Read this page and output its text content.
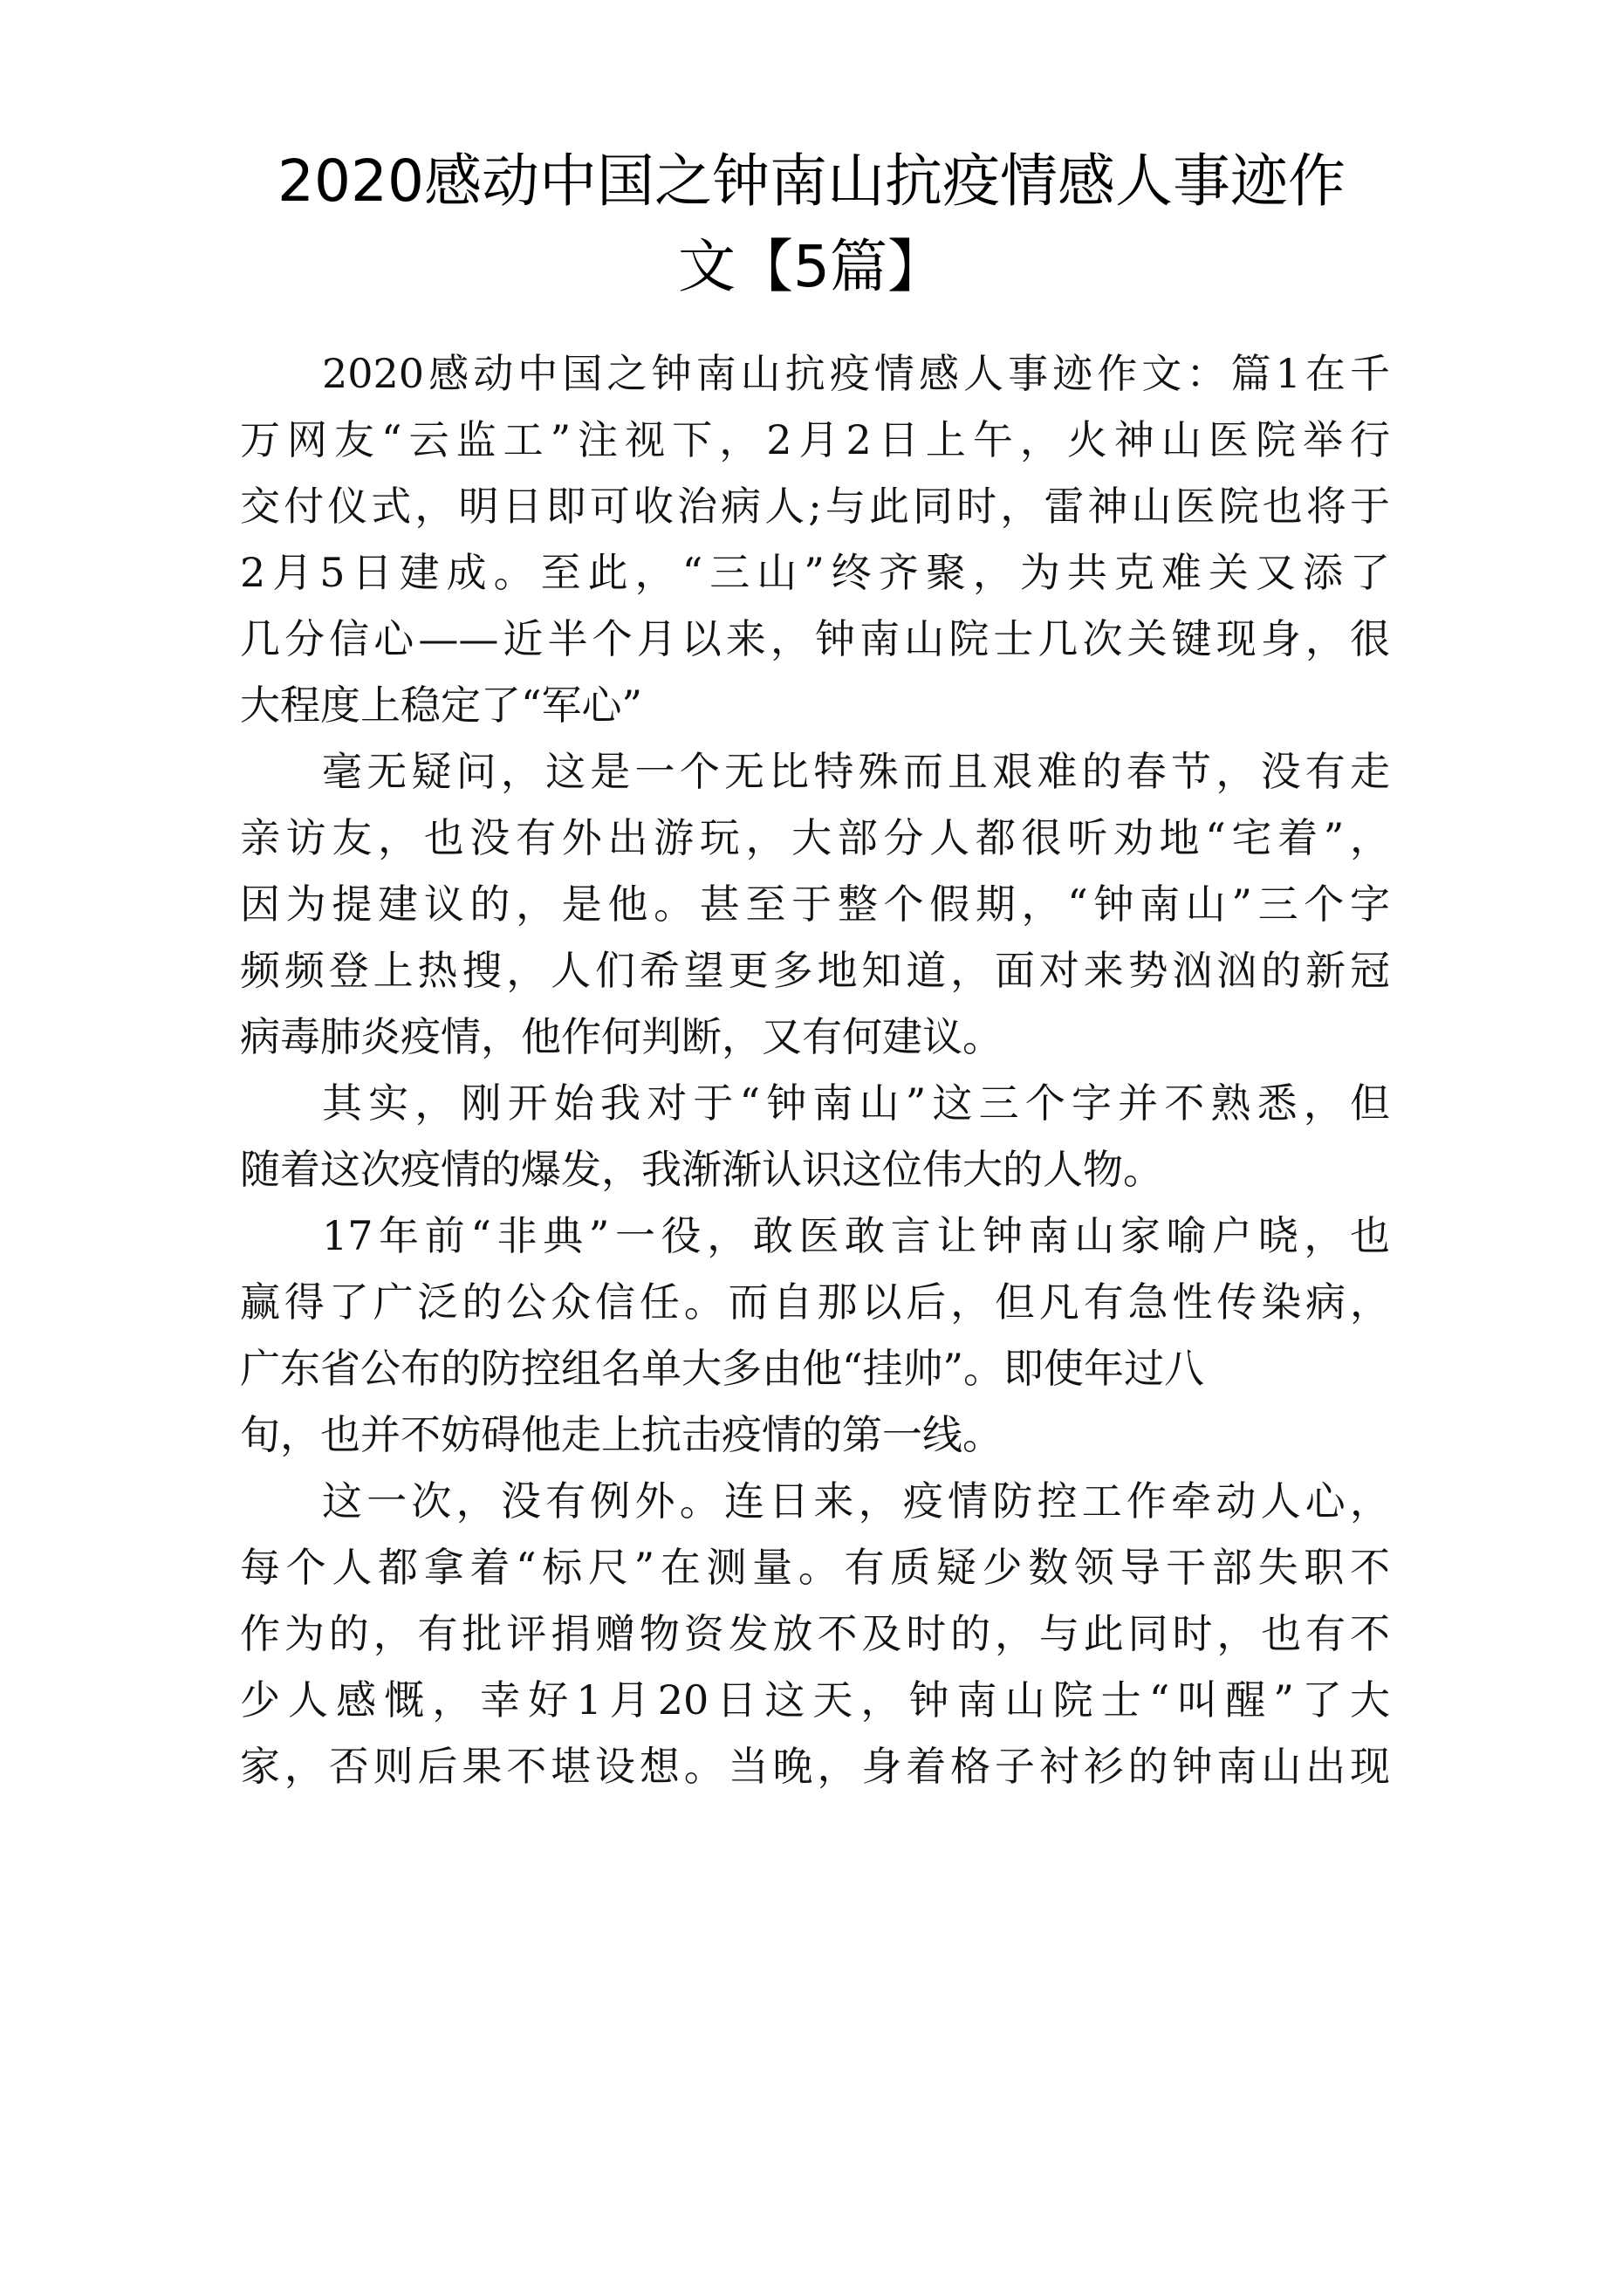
2020感动中国之钟南山抗疫情感人事迹作
文【5篇】
2020感动中国之钟南山抗疫情感人事迹作文：篇1在千
万网友“云监工”注视下，2月2日上午，火神山医院举行
交付仪式，明日即可收治病人;与此同时，雷神山医院也将于
2月5日建成。至此，“三山”终齐聚，为共克难关又添了
几分信心——近半个月以来，钟南山院士几次关键现身，很
大程度上稳定了“军心”
毫无疑问，这是一个无比特殊而且艰难的春节，没有走
亲访友，也没有外出游玩，大部分人都很听劝地“宅着”，
因为提建议的，是他。甚至于整个假期，“钟南山”三个字
频频登上热搜，人们希望更多地知道，面对来势汹汹的新冠
病毒肺炎疫情，他作何判断，又有何建议。
其实，刚开始我对于“钟南山”这三个字并不熟悉，但
随着这次疫情的爆发，我渐渐认识这位伟大的人物。
17年前“非典”一役，敢医敢言让钟南山家喻户晓，也
赢得了广泛的公众信任。而自那以后，但凡有急性传染病，
广东省公布的防控组名单大多由他“挂帅”。即使年过八
旬，也并不妨碍他走上抗击疫情的第一线。
这一次，没有例外。连日来，疫情防控工作牵动人心，
每个人都拿着“标尺”在测量。有质疑少数领导干部失职不
作为的，有批评捐赠物资发放不及时的，与此同时，也有不
少人感慨，幸好1月20日这天，钟南山院士“叫醒”了大
家，否则后果不堪设想。当晚，身着格子衬衫的钟南山出现
